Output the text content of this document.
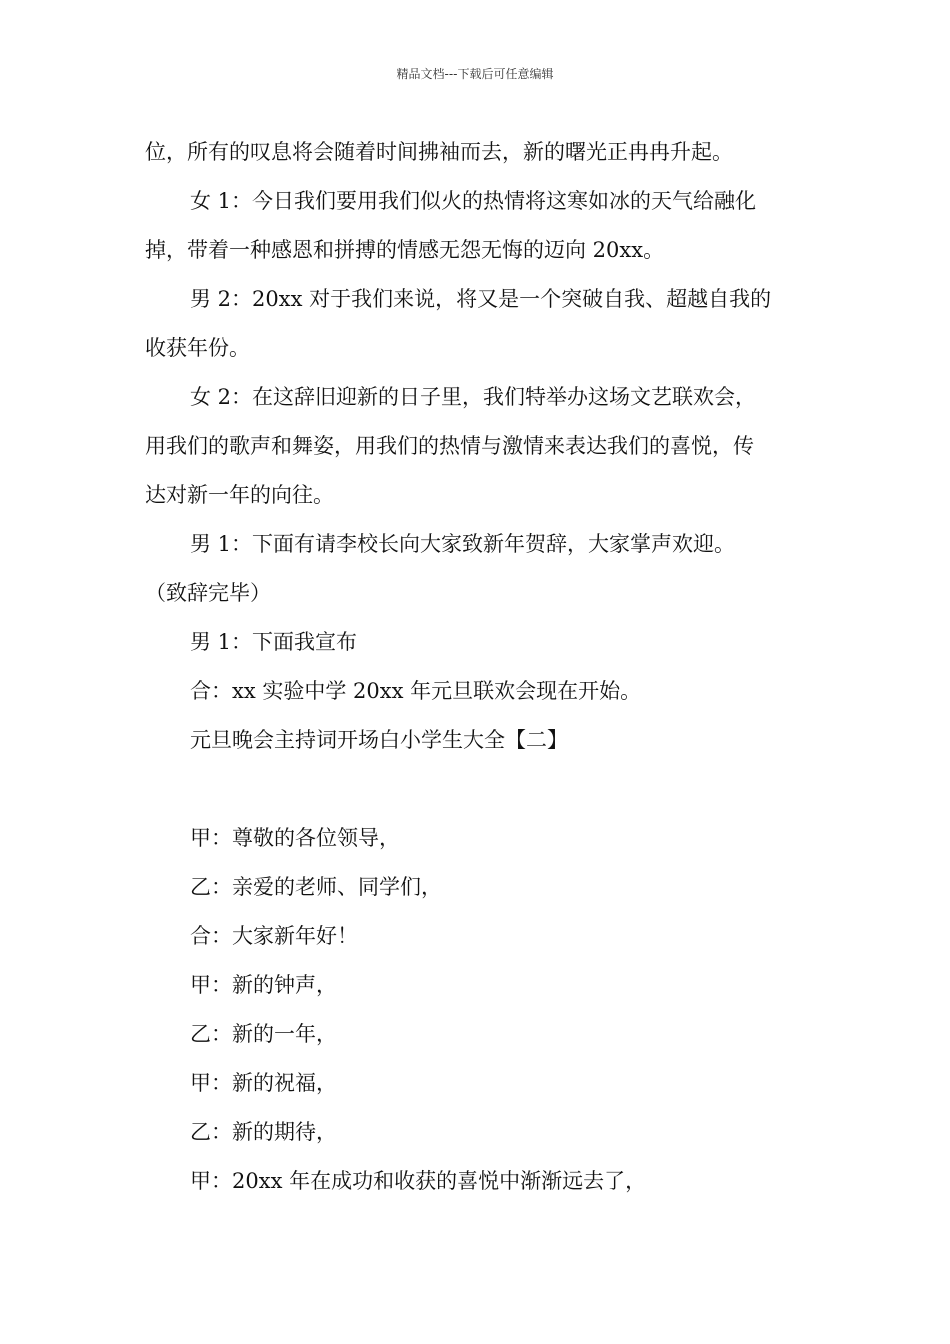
精品文档---下载后可任意编辑

位，所有的叹息将会随着时间拂袖而去，新的曙光正冉冉升起。

女 1：今日我们要用我们似火的热情将这寒如冰的天气给融化

掉，带着一种感恩和拼搏的情感无怨无悔的迈向 20xx。

男 2：20xx 对于我们来说，将又是一个突破自我、超越自我的

收获年份。

女 2：在这辞旧迎新的日子里，我们特举办这场文艺联欢会，

用我们的歌声和舞姿，用我们的热情与激情来表达我们的喜悦，传

达对新一年的向往。

男 1：下面有请李校长向大家致新年贺辞，大家掌声欢迎。

（致辞完毕）

男 1：下面我宣布

合：xx 实验中学 20xx 年元旦联欢会现在开始。

元旦晚会主持词开场白小学生大全【二】

甲：尊敬的各位领导，

乙：亲爱的老师、同学们，

合：大家新年好！

甲：新的钟声，

乙：新的一年，

甲：新的祝福，

乙：新的期待，

甲：20xx 年在成功和收获的喜悦中渐渐远去了，
